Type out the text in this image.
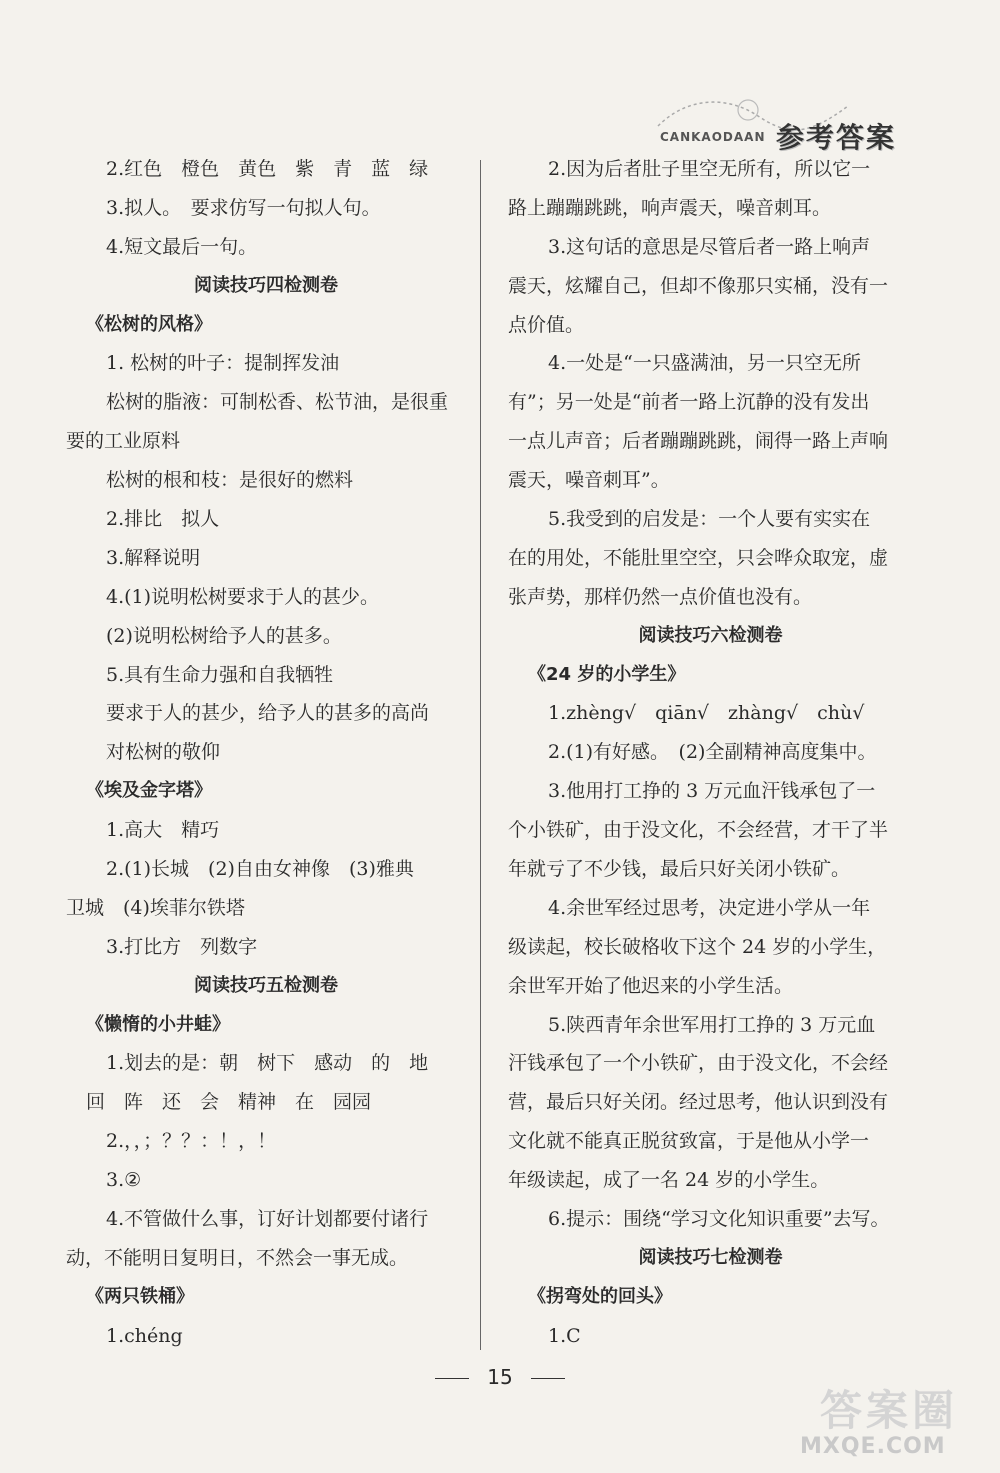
CANKAODAAN 参考答案
2.红色　橙色　黄色　紫　青　蓝　绿
3.拟人。　要求仿写一句拟人句。
4.短文最后一句。
阅读技巧四检测卷
《松树的风格》
1. 松树的叶子：提制挥发油
松树的脂液：可制松香、松节油，是很重
要的工业原料
松树的根和枝：是很好的燃料
2.排比　拟人
3.解释说明
4.(1)说明松树要求于人的甚少。
(2)说明松树给予人的甚多。
5.具有生命力强和自我牺牲
要求于人的甚少，给予人的甚多的高尚
对松树的敬仰
《埃及金字塔》
1.高大　精巧
2.(1)长城　(2)自由女神像　(3)雅典
卫城　(4)埃菲尔铁塔
3.打比方　列数字
阅读技巧五检测卷
《懒惰的小井蛙》
1.划去的是：朝　树下　感动　的　地
回　阵　还　会　精神　在　园园
2.，，；？？：！，！
3.②
4.不管做什么事，订好计划都要付诸行
动，不能明日复明日，不然会一事无成。
《两只铁桶》
1.chéng
2.因为后者肚子里空无所有，所以它一
路上蹦蹦跳跳，响声震天，噪音刺耳。
3.这句话的意思是尽管后者一路上响声
震天，炫耀自己，但却不像那只实桶，没有一
点价值。
4.一处是“一只盛满油，另一只空无所
有”；另一处是“前者一路上沉静的没有发出
一点儿声音；后者蹦蹦跳跳，闹得一路上声响
震天，噪音刺耳”。
5.我受到的启发是：一个人要有实实在
在的用处，不能肚里空空，只会哗众取宠，虚
张声势，那样仍然一点价值也没有。
阅读技巧六检测卷
《24 岁的小学生》
1.zhèng√　qiān√　zhàng√　chù√
2.(1)有好感。　(2)全副精神高度集中。
3.他用打工挣的 3 万元血汗钱承包了一
个小铁矿，由于没文化，不会经营，才干了半
年就亏了不少钱，最后只好关闭小铁矿。
4.余世军经过思考，决定进小学从一年
级读起，校长破格收下这个 24 岁的小学生，
余世军开始了他迟来的小学生活。
5.陕西青年余世军用打工挣的 3 万元血
汗钱承包了一个小铁矿，由于没文化，不会经
营，最后只好关闭。经过思考，他认识到没有
文化就不能真正脱贫致富，于是他从小学一
年级读起，成了一名 24 岁的小学生。
6.提示：围绕“学习文化知识重要”去写。
阅读技巧七检测卷
《拐弯处的回头》
1.C
15
答案圈
MXQE.COM
